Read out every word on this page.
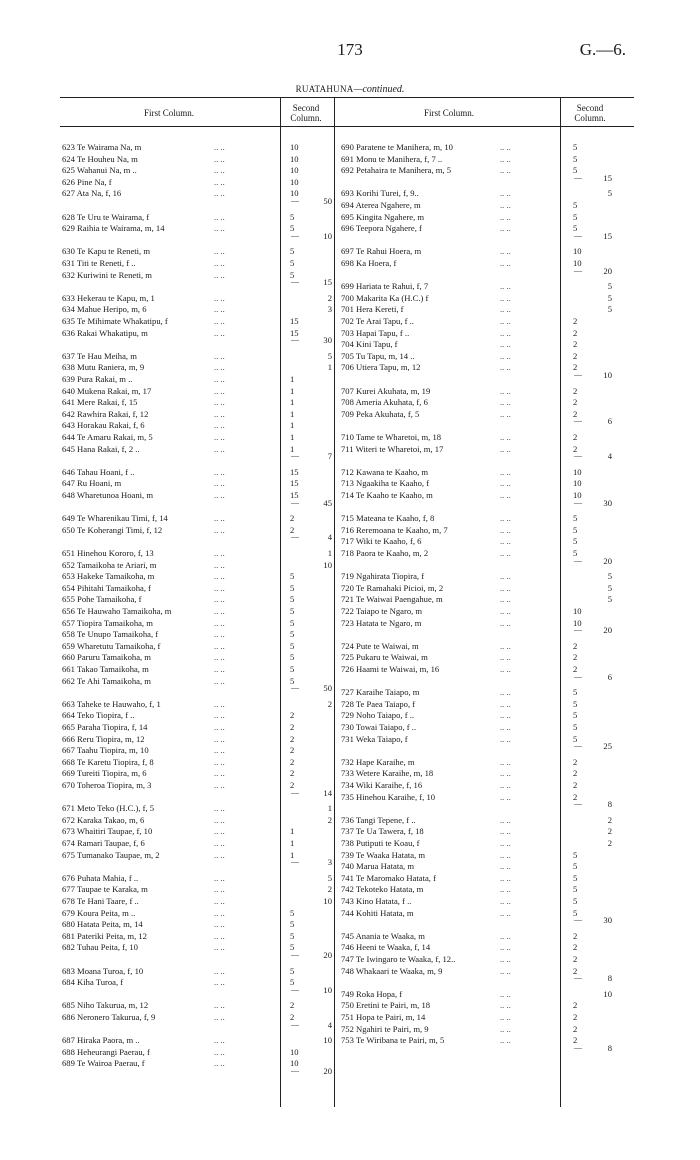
173	G.—6.
RUATAHUNA—continued.
First Column.	Second
Column.	First Column.	Second
Column.
623 Te Wairama Na, m	.. ..	10
624 Te Houheu Na, m	.. ..	10
625 Wahanui Na, m ..	.. ..	10
626 Pine Na, f	.. ..	10
627 Ata Na, f, 16	.. ..	10
—	50
628 Te Uru te Wairama, f	.. ..	5
629 Raihia te Wairama, m, 14	.. ..	5
—	10
630 Te Kapu te Reneti, m	.. ..	5
631 Titi te Reneti, f ..	.. ..	5
632 Kuriwini te Reneti, m	.. ..	5
—	15
633 Hekerau te Kapu, m, 1	.. ..	2
634 Mahue Heripo, m, 6	.. ..	3
635 Te Mihimate Whakatipu, f	.. ..	15
636 Rakai Whakatipu, m	.. ..	15
—	30
637 Te Hau Meiha, m	.. ..	5
638 Mutu Raniera, m, 9	.. ..	1
639 Pura Rakai, m ..	.. ..	1
640 Mukena Rakai, m, 17	.. ..	1
641 Mere Rakai, f, 15	.. ..	1
642 Rawhira Rakai, f, 12	.. ..	1
643 Horakau Rakai, f, 6	.. ..	1
644 Te Amaru Rakai, m, 5	.. ..	1
645 Hana Rakai, f, 2 ..	.. ..	1
—	7
646 Tahau Hoani, f ..	.. ..	15
647 Ru Hoani, m	.. ..	15
648 Wharetunoa Hoani, m	.. ..	15
—	45
649 Te Wharenikau Timi, f, 14	.. ..	2
650 Te Koherangi Timi, f, 12	.. ..	2
—	4
651 Hinehou Kororo, f, 13	.. ..	1
652 Tamaikoha te Ariari, m	.. ..	10
653 Hakeke Tamaikoha, m	.. ..	5
654 Pihitahi Tamaikoha, f	.. ..	5
655 Pohe Tamaikoha, f	.. ..	5
656 Te Hauwaho Tamaikoha, m	.. ..	5
657 Tiopira Tamaikoha, m	.. ..	5
658 Te Unupo Tamaikoha, f	.. ..	5
659 Wharetutu Tamaikoha, f	.. ..	5
660 Paruru Tamaikoha, m	.. ..	5
661 Takao Tamaikoha, m	.. ..	5
662 Te Ahi Tamaikoha, m	.. ..	5
—	50
663 Taheke te Hauwaho, f, 1	.. ..	2
664 Teko Tiopira, f ..	.. ..	2
665 Paraha Tiopira, f, 14	.. ..	2
666 Reru Tiopira, m, 12	.. ..	2
667 Taahu Tiopira, m, 10	.. ..	2
668 Te Karetu Tiopira, f, 8	.. ..	2
669 Tureiti Tiopira, m, 6	.. ..	2
670 Toheroa Tiopira, m, 3	.. ..	2
—	14
671 Meto Teko (H.C.), f, 5	.. ..	1
672 Karaka Takao, m, 6	.. ..	2
673 Whaitiri Taupae, f, 10	.. ..	1
674 Ramari Taupae, f, 6	.. ..	1
675 Tumanako Taupae, m, 2	.. ..	1
—	3
676 Puhata Mahia, f ..	.. ..	5
677 Taupae te Karaka, m	.. ..	2
678 Te Hani Taare, f ..	.. ..	10
679 Koura Peita, m ..	.. ..	5
680 Hatata Peita, m, 14	.. ..	5
681 Pateriki Peita, m, 12	.. ..	5
682 Tuhau Peita, f, 10	.. ..	5
—	20
683 Moana Turoa, f, 10	.. ..	5
684 Kiha Turoa, f	.. ..	5
—	10
685 Niho Takurua, m, 12	.. ..	2
686 Neronero Takurua, f, 9	.. ..	2
—	4
687 Hiraka Paora, m ..	.. ..	10
688 Heheurangi Paerau, f	.. ..	10
689 Te Wairoa Paerau, f	.. ..	10
—	20
690 Paratene te Manihera, m, 10	.. ..	5
691 Monu te Manihera, f, 7 ..	.. ..	5
692 Petahaira te Manihera, m, 5	.. ..	5
—	15
693 Korihi Turei, f, 9..	.. ..	5
694 Aterea Ngahere, m	.. ..	5
695 Kingita Ngahere, m	.. ..	5
696 Teepora Ngahere, f	.. ..	5
—	15
697 Te Rahui Hoera, m	.. ..	10
698 Ka Hoera, f	.. ..	10
—	20
699 Hariata te Rahui, f, 7	.. ..	5
700 Makarita Ka (H.C.) f	.. ..	5
701 Hera Kereti, f	.. ..	5
702 Te Arai Tapu, f ..	.. ..	2
703 Hapai Tapu, f ..	.. ..	2
704 Kini Tapu, f	.. ..	2
705 Tu Tapu, m, 14 ..	.. ..	2
706 Utiera Tapu, m, 12	.. ..	2
—	10
707 Kurei Akuhata, m, 19	.. ..	2
708 Ameria Akuhata, f, 6	.. ..	2
709 Peka Akuhata, f, 5	.. ..	2
—	6
710 Tame te Wharetoi, m, 18	.. ..	2
711 Witeri te Wharetoi, m, 17	.. ..	2
—	4
712 Kawana te Kaaho, m	.. ..	10
713 Ngaakiha te Kaaho, f	.. ..	10
714 Te Kaaho te Kaaho, m	.. ..	10
—	30
715 Mateana te Kaaho, f, 8	.. ..	5
716 Reremoana te Kaaho, m, 7	.. ..	5
717 Wiki te Kaaho, f, 6	.. ..	5
718 Paora te Kaaho, m, 2	.. ..	5
—	20
719 Ngahirata Tiopira, f	.. ..	5
720 Te Ramahaki Picioi, m, 2	.. ..	5
721 Te Waiwai Paengahue, m	.. ..	5
722 Taiapo te Ngaro, m	.. ..	10
723 Hatata te Ngaro, m	.. ..	10
—	20
724 Pute te Waiwai, m	.. ..	2
725 Pukaru te Waiwai, m	.. ..	2
726 Haami te Waiwai, m, 16	.. ..	2
—	6
727 Karaihe Taiapo, m	.. ..	5
728 Te Paea Taiapo, f	.. ..	5
729 Noho Taiapo, f ..	.. ..	5
730 Towai Taiapo, f ..	.. ..	5
731 Weka Taiapo, f	.. ..	5
—	25
732 Hape Karaihe, m	.. ..	2
733 Wetere Karaihe, m, 18	.. ..	2
734 Wiki Karaihe, f, 16	.. ..	2
735 Hinehou Karaihe, f, 10	.. ..	2
—	8
736 Tangi Tepene, f ..	.. ..	2
737 Te Ua Tawera, f, 18	.. ..	2
738 Putiputi te Koau, f	.. ..	2
739 Te Waaka Hatata, m	.. ..	5
740 Marua Hatata, m	.. ..	5
741 Te Maromako Hatata, f	.. ..	5
742 Tekoteko Hatata, m	.. ..	5
743 Kino Hatata, f ..	.. ..	5
744 Kohiti Hatata, m	.. ..	5
—	30
745 Anania te Waaka, m	.. ..	2
746 Heeni te Waaka, f, 14	.. ..	2
747 Te Iwingaro te Waaka, f, 12..	.. ..	2
748 Whakaari te Waaka, m, 9	.. ..	2
—	8
749 Roka Hopa, f	.. ..	10
750 Eretini te Pairi, m, 18	.. ..	2
751 Hopa te Pairi, m, 14	.. ..	2
752 Ngahiri te Pairi, m, 9	.. ..	2
753 Te Wiribana te Pairi, m, 5	.. ..	2
—	8
